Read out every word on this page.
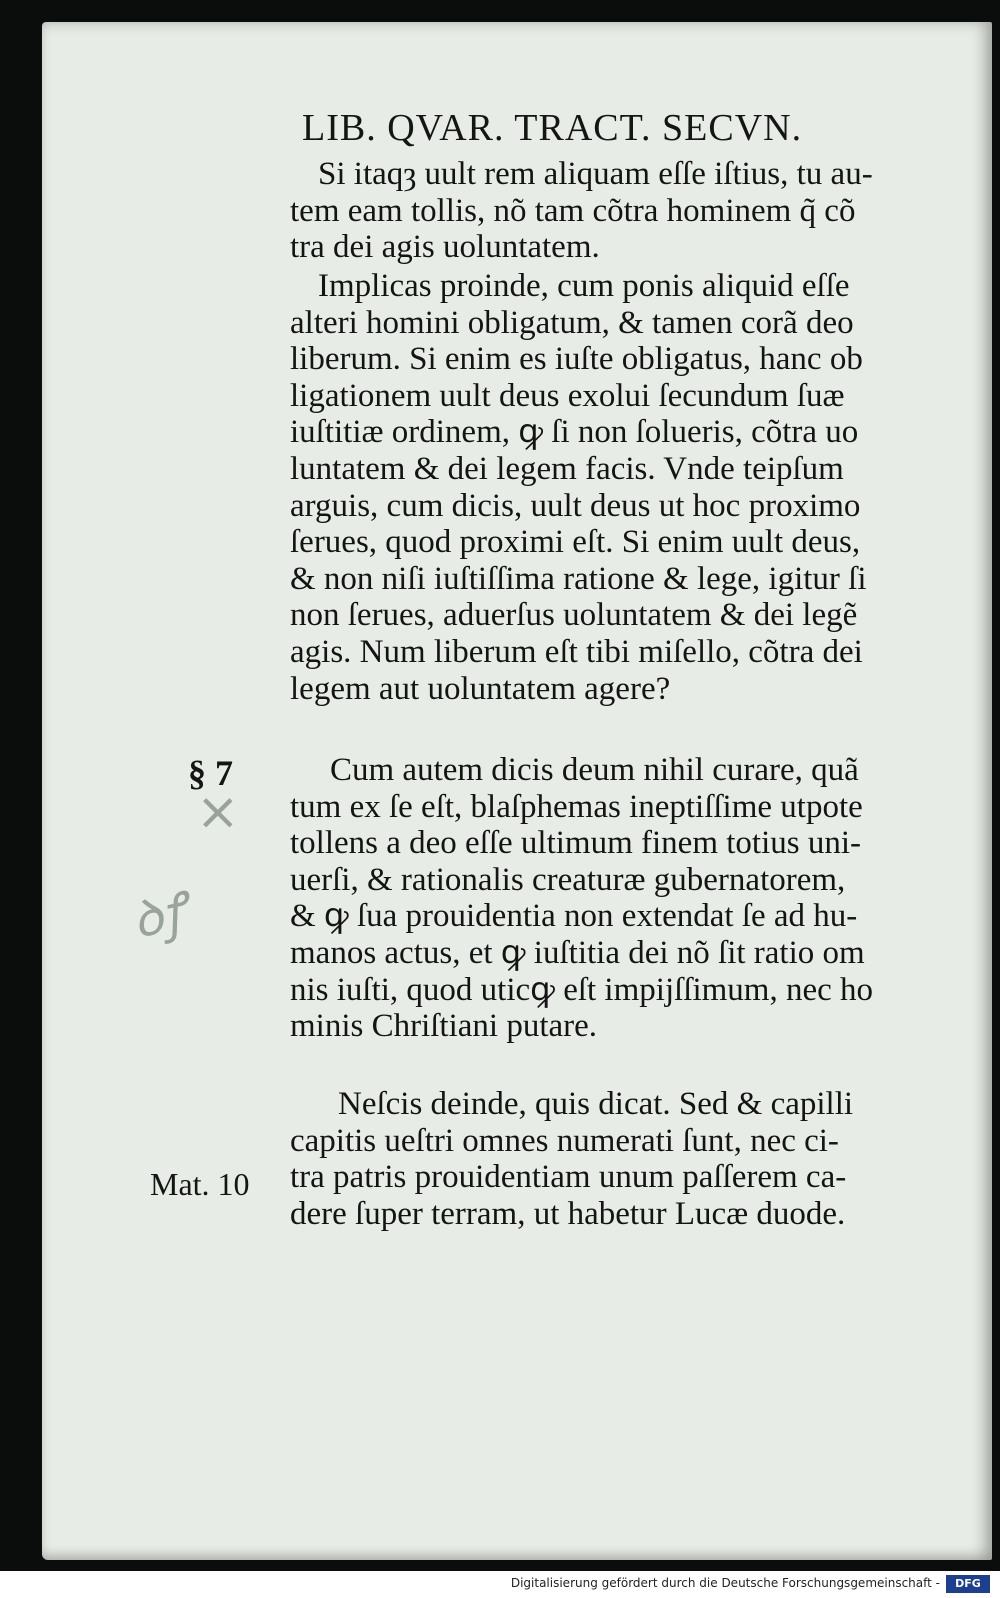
LIB. QVAR. TRACT. SECVN.
Si itaqȝ uult rem aliquam eſſe iſtius, tu au-
tem eam tollis, nõ tam cõtra hominem q̃ cõ
tra dei agis uoluntatem.
Implicas proinde, cum ponis aliquid eſſe
alteri homini obligatum, & tamen corã deo
liberum. Si enim es iuſte obligatus, hanc ob
ligationem uult deus exolui ſecundum ſuæ
iuſtitiæ ordinem, ꝙ ſi non ſolueris, cõtra uo
luntatem & dei legem facis. Vnde teipſum
arguis, cum dicis, uult deus ut hoc proximo
ſerues, quod proximi eſt. Si enim uult deus,
& non niſi iuſtiſſima ratione & lege, igitur ſi
non ſerues, aduerſus uoluntatem & dei legẽ
agis. Num liberum eſt tibi miſello, cõtra dei
legem aut uoluntatem agere?
Cum autem dicis deum nihil curare, quã
tum ex ſe eſt, blaſphemas ineptiſſime utpote
tollens a deo eſſe ultimum finem totius uni-
uerſi, & rationalis creaturæ gubernatorem,
& ꝙ ſua prouidentia non extendat ſe ad hu-
manos actus, et ꝙ iuſtitia dei nõ ſit ratio om
nis iuſti, quod uticꝙ eſt impijſſimum, nec ho
minis Chriſtiani putare.
Neſcis deinde, quis dicat. Sed & capilli
capitis ueſtri omnes numerati ſunt, nec ci-
tra patris prouidentiam unum paſſerem ca-
dere ſuper terram, ut habetur Lucæ duode.
§ 7
×
ꝺꝭ
Mat. 10
Digitalisierung gefördert durch die Deutsche Forschungsgemeinschaft -	DFG
